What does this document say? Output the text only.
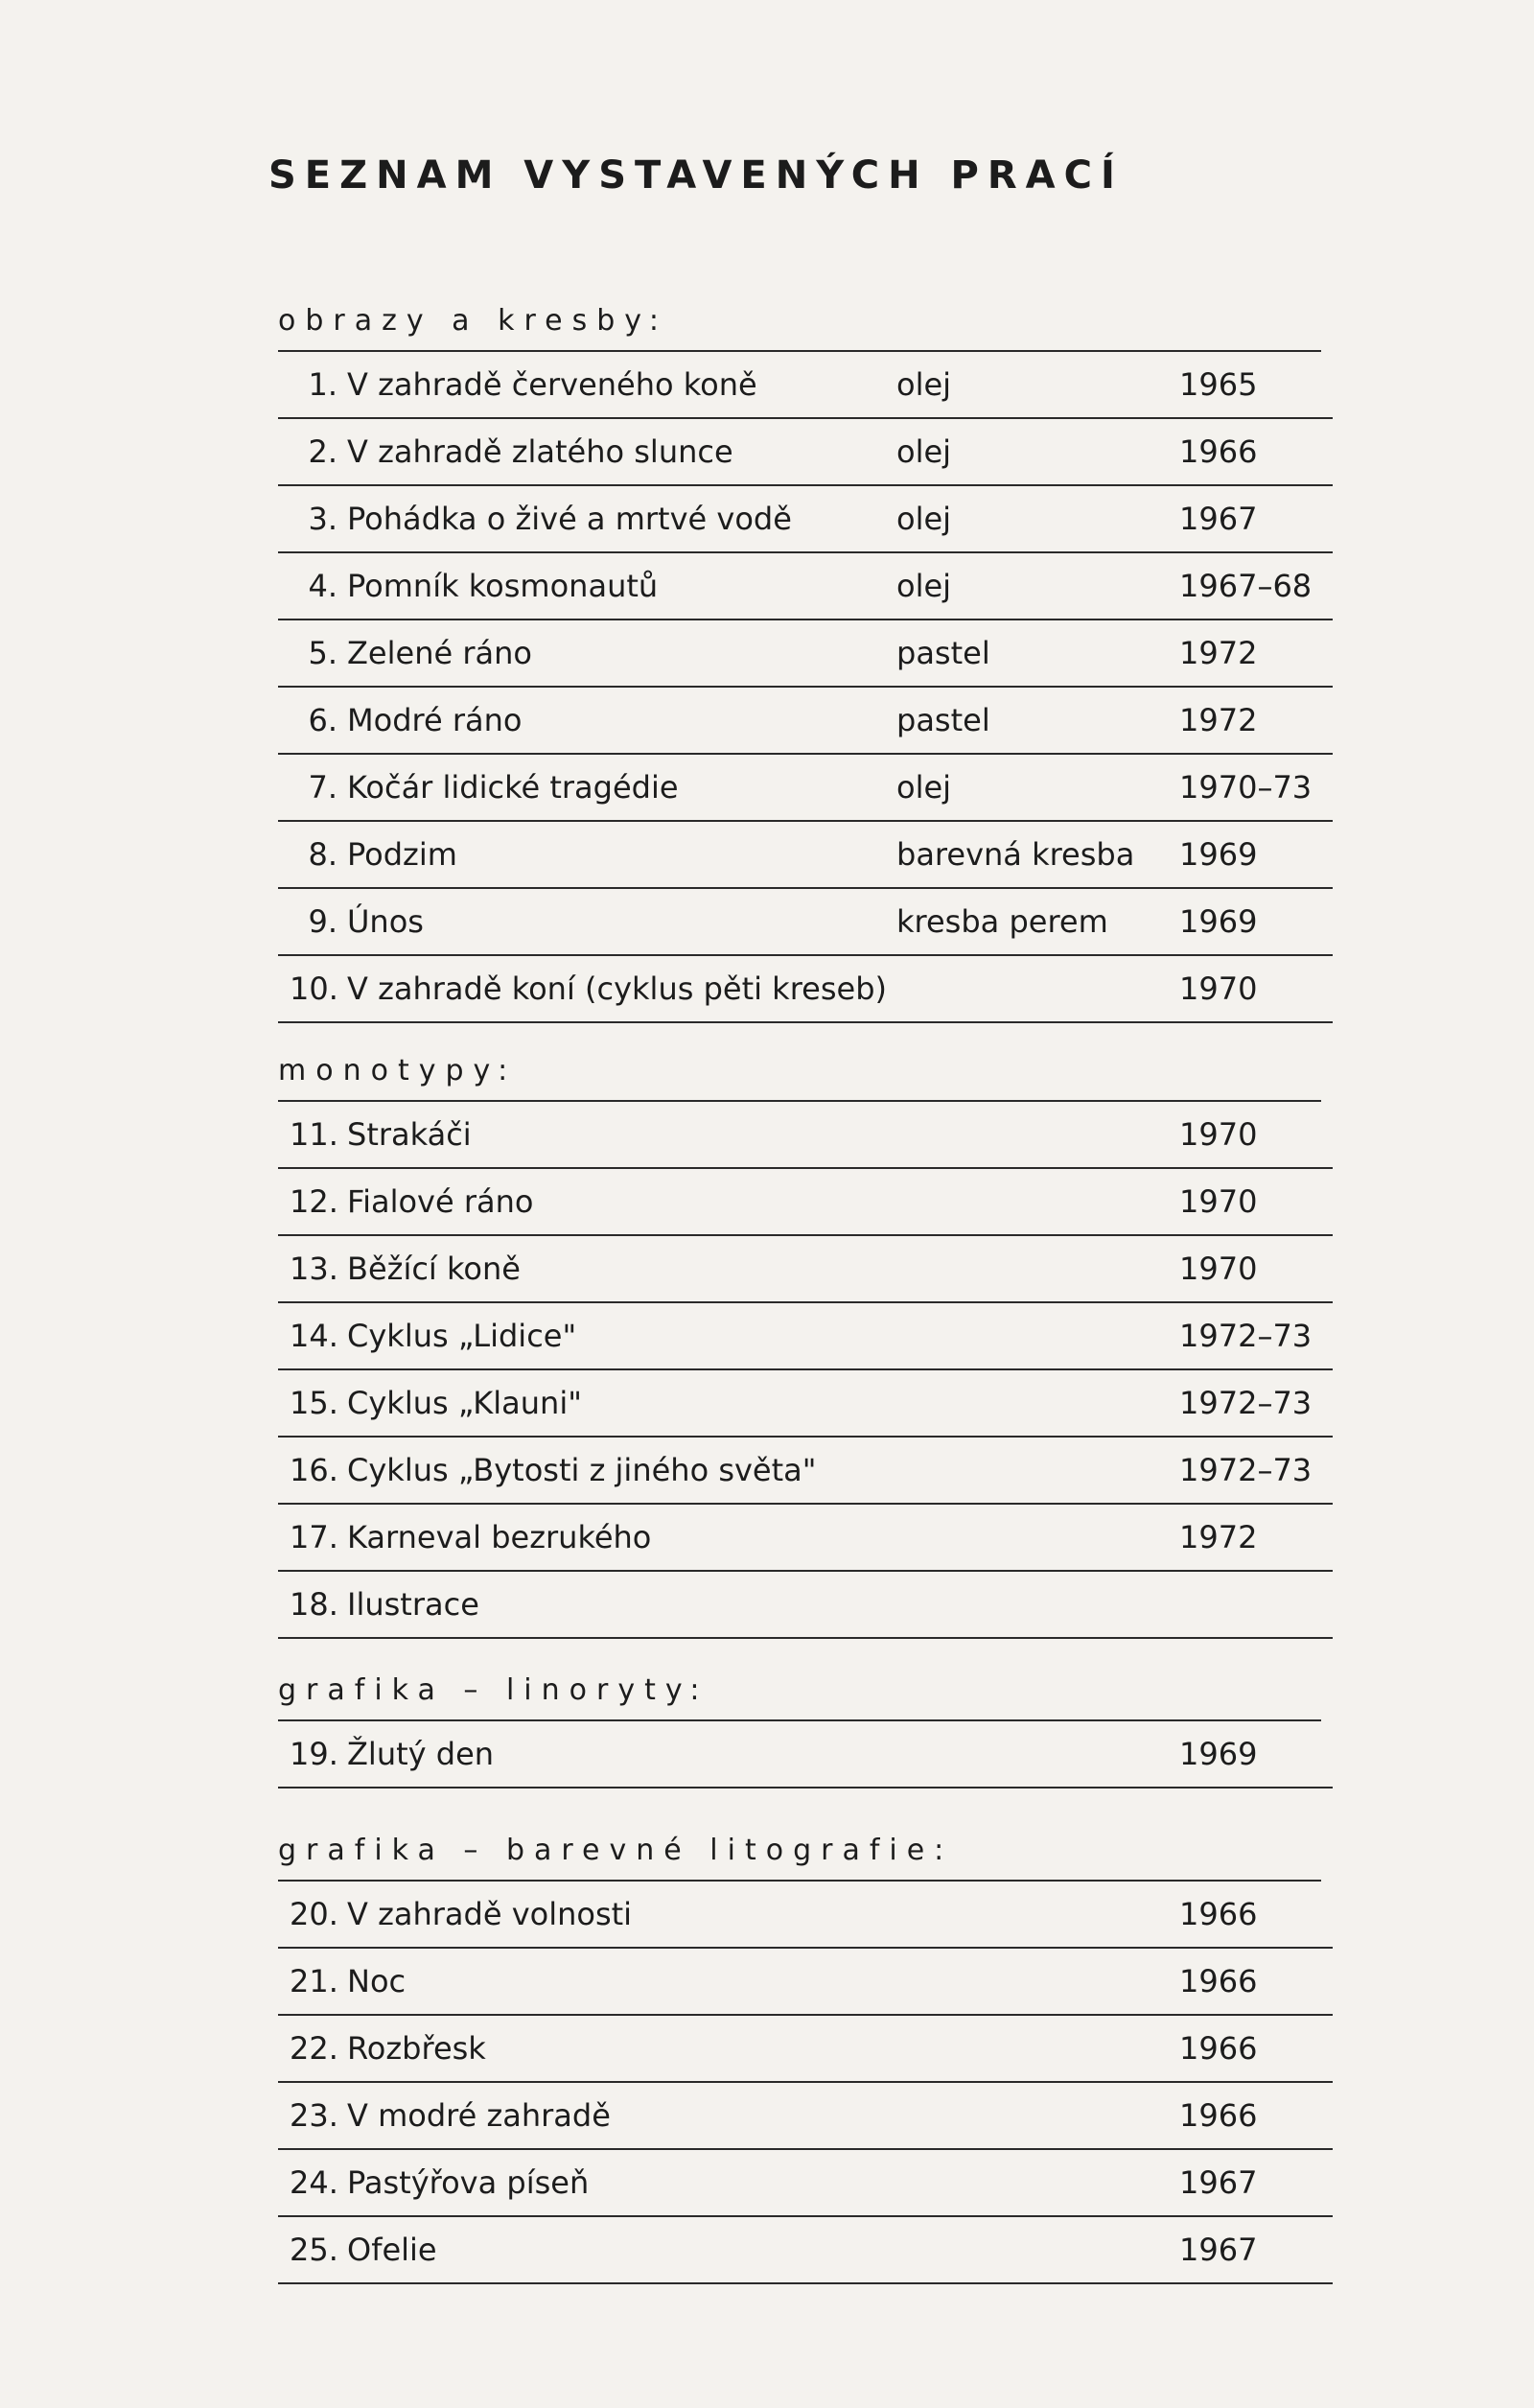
SEZNAM VYSTAVENÝCH PRACÍ
obrazy a kresby:
1. V zahradě červeného koně	olej	1965
2. V zahradě zlatého slunce	olej	1966
3. Pohádka o živé a mrtvé vodě	olej	1967
4. Pomník kosmonautů	olej	1967–68
5. Zelené ráno	pastel	1972
6. Modré ráno	pastel	1972
7. Kočár lidické tragédie	olej	1970–73
8. Podzim	barevná kresba 1969
9. Únos	kresba perem 1969
10. V zahradě koní (cyklus pěti kreseb)	1970
monotypy:
11. Strakáči	1970
12. Fialové ráno	1970
13. Běžící koně	1970
14. Cyklus „Lidice"	1972–73
15. Cyklus „Klauni"	1972–73
16. Cyklus „Bytosti z jiného světa"	1972–73
17. Karneval bezrukého	1972
18. Ilustrace
grafika – linoryty:
19. Žlutý den	1969
grafika – barevné litografie:
20. V zahradě volnosti	1966
21. Noc	1966
22. Rozbřesk	1966
23. V modré zahradě	1966
24. Pastýřova píseň	1967
25. Ofelie	1967
